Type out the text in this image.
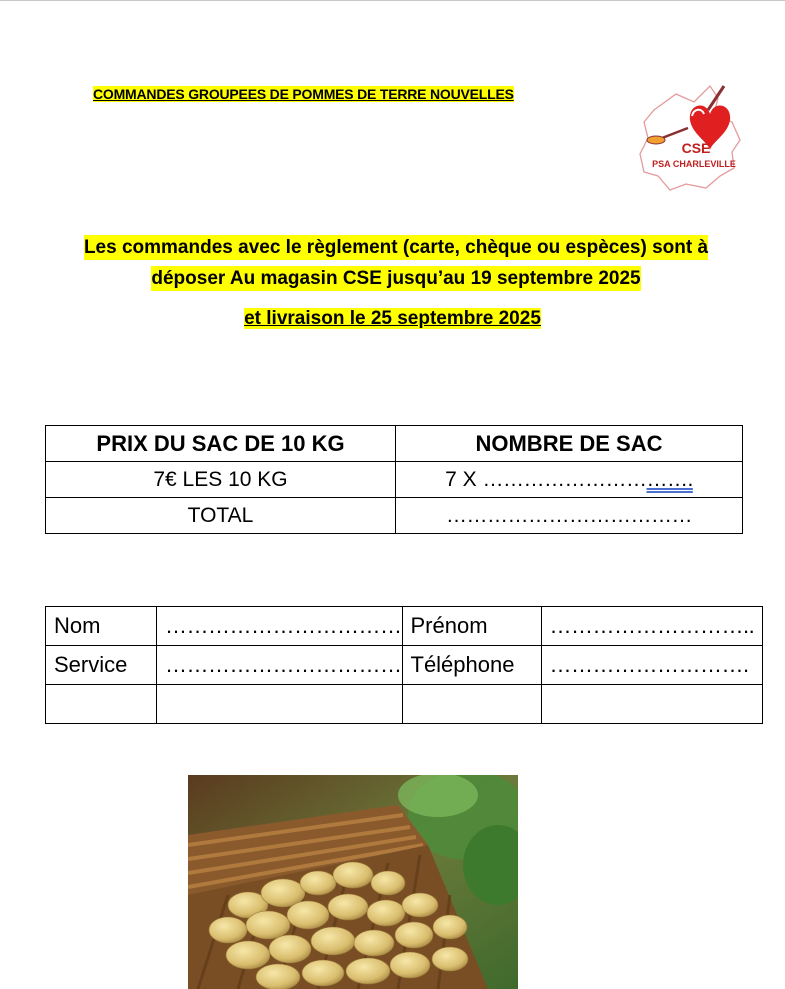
COMMANDES GROUPEES DE POMMES DE TERRE NOUVELLES
CSE
PSA CHARLEVILLE
Les commandes avec le règlement (carte, chèque ou espèces) sont à
déposer Au magasin CSE jusqu’au 19 septembre 2025
et livraison le 25 septembre 2025
PRIX DU SAC DE 10 KG	NOMBRE DE SAC
7€ LES 10 KG	7 X ………………………….
TOTAL	………………………………
Nom	……………………………	Prénom	………………………..
Service	……………………………	Téléphone	……………………….
